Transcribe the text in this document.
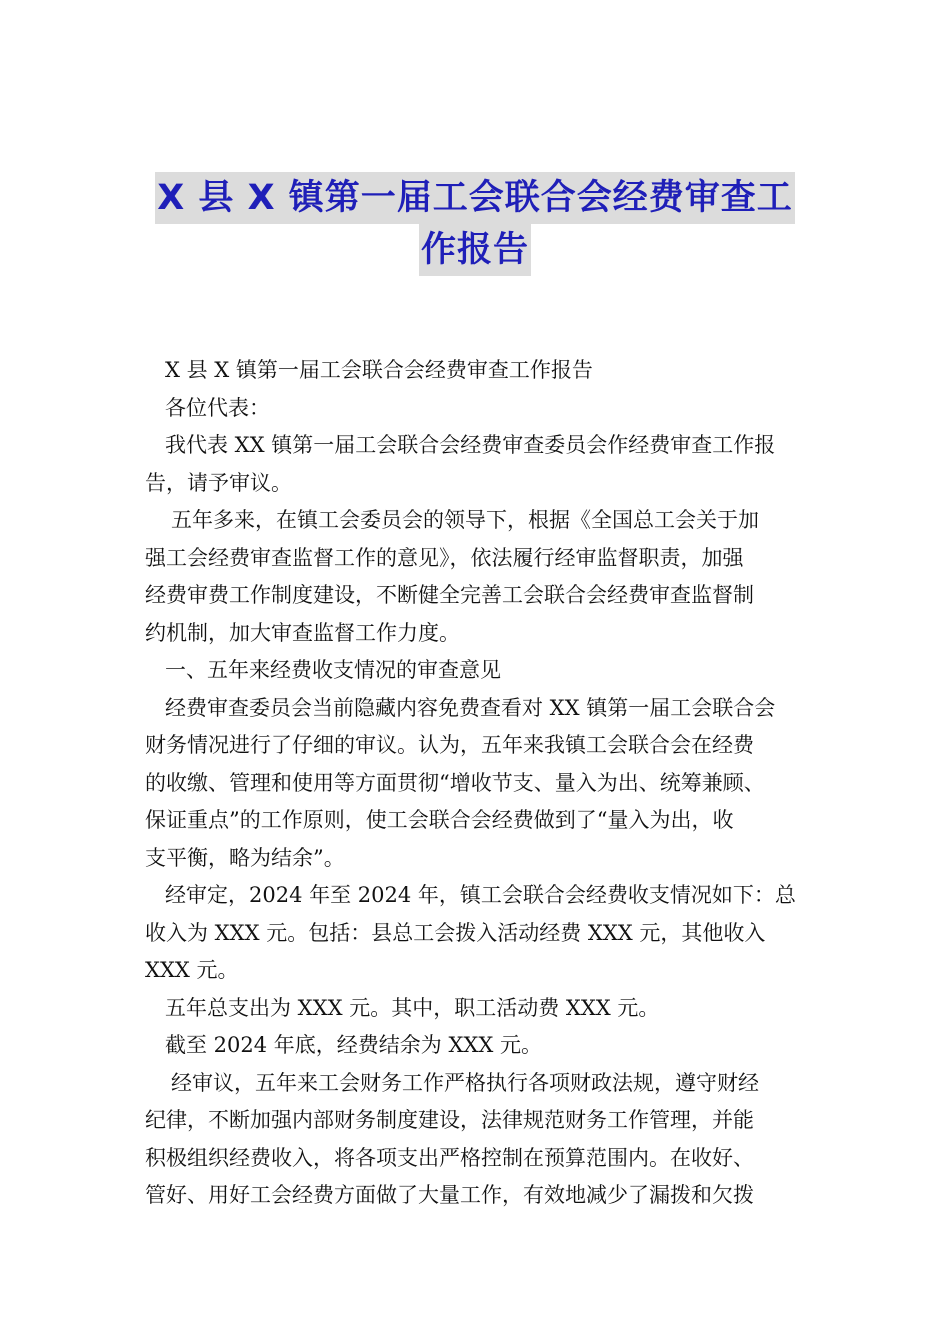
X 县 X 镇第一届工会联合会经费审查工
作报告
X 县 X 镇第一届工会联合会经费审查工作报告
各位代表：
我代表 XX 镇第一届工会联合会经费审查委员会作经费审查工作报
告，请予审议。
五年多来，在镇工会委员会的领导下，根据《全国总工会关于加
强工会经费审查监督工作的意见》，依法履行经审监督职责，加强
经费审费工作制度建设，不断健全完善工会联合会经费审查监督制
约机制，加大审查监督工作力度。
一、五年来经费收支情况的审查意见
经费审查委员会当前隐藏内容免费查看对 XX 镇第一届工会联合会
财务情况进行了仔细的审议。认为，五年来我镇工会联合会在经费
的收缴、管理和使用等方面贯彻“增收节支、量入为出、统筹兼顾、
保证重点”的工作原则，使工会联合会经费做到了“量入为出，收
支平衡，略为结余”。
经审定，2024 年至 2024 年，镇工会联合会经费收支情况如下：总
收入为 XXX 元。包括：县总工会拨入活动经费 XXX 元，其他收入
XXX 元。
五年总支出为 XXX 元。其中，职工活动费 XXX 元。
截至 2024 年底，经费结余为 XXX 元。
经审议，五年来工会财务工作严格执行各项财政法规，遵守财经
纪律，不断加强内部财务制度建设，法律规范财务工作管理，并能
积极组织经费收入，将各项支出严格控制在预算范围内。在收好、
管好、用好工会经费方面做了大量工作，有效地减少了漏拨和欠拨
